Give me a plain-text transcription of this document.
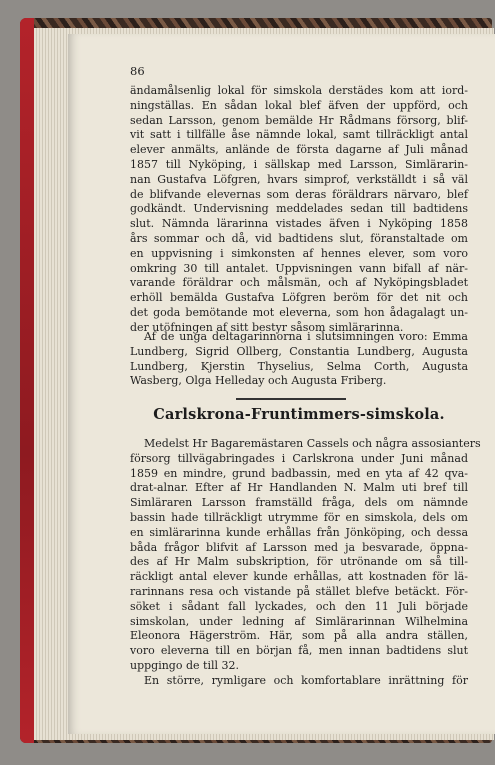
86
ändamålsenlig lokal för simskola derstädes kom att iord-
ningställas. En sådan lokal blef äfven der uppförd, och
sedan Larsson, genom bemälde Hr Rådmans försorg, blif-
vit satt i tillfälle åse nämnde lokal, samt tillräckligt antal
elever anmälts, anlände de första dagarne af Juli månad
1857 till Nyköping, i sällskap med Larsson, Simlärarin-
nan Gustafva Löfgren, hvars simprof, verkställdt i så väl
de blifvande elevernas som deras föräldrars närvaro, blef
godkändt. Undervisning meddelades sedan till badtidens
slut. Nämnda lärarinna vistades äfven i Nyköping 1858
års sommar och då, vid badtidens slut, föranstaltade om
en uppvisning i simkonsten af hennes elever, som voro
omkring 30 till antalet. Uppvisningen vann bifall af när-
varande föräldrar och målsmän, och af Nyköpingsbladet
erhöll bemälda Gustafva Löfgren beröm för det nit och
det goda bemötande mot eleverna, som hon ådagalagt un-
der utöfningen af sitt bestyr såsom simlärarinna.
Af de unga deltagarinnorna i slutsimningen voro: Emma
Lundberg, Sigrid Ollberg, Constantia Lundberg, Augusta
Lundberg, Kjerstin Thyselius, Selma Corth, Augusta
Wasberg, Olga Helleday och Augusta Friberg.
Carlskrona-Fruntimmers-simskola.
Medelst Hr Bagaremästaren Cassels och några assosianters
försorg tillvägabringades i Carlskrona under Juni månad
1859 en mindre, grund badbassin, med en yta af 42 qva-
drat-alnar. Efter af Hr Handlanden N. Malm uti bref till
Simläraren Larsson framställd fråga, dels om nämnde
bassin hade tillräckligt utrymme för en simskola, dels om
en simlärarinna kunde erhållas från Jönköping, och dessa
båda frågor blifvit af Larsson med ja besvarade, öppna-
des af Hr Malm subskription, för utrönande om så till-
räckligt antal elever kunde erhållas, att kostnaden för lä-
rarinnans resa och vistande på stället blefve betäckt. För-
söket i sådant fall lyckades, och den 11 Juli började
simskolan, under ledning af Simlärarinnan Wilhelmina
Eleonora Hägerström. Här, som på alla andra ställen,
voro eleverna till en början få, men innan badtidens slut
uppgingo de till 32.
En större, rymligare och komfortablare inrättning för
